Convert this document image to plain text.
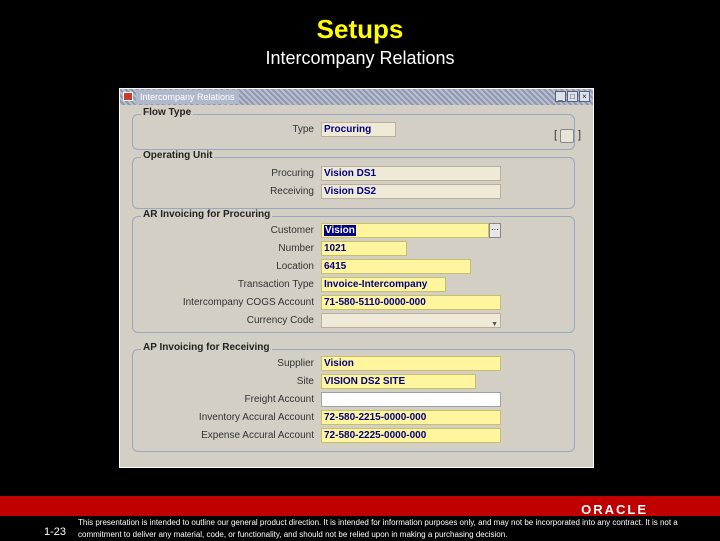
Setups
Intercompany Relations
Intercompany Relations	_ □ ×
Flow Type
Type	Procuring	[ ]
Operating Unit
Procuring	Vision DS1
Receiving	Vision DS2
AR Invoicing for Procuring
Customer	Vision	···
Number	1021
Location	6415
Transaction Type	Invoice-Intercompany
Intercompany COGS Account	71-580-5110-0000-000
Currency Code	▼
AP Invoicing for Receiving
Supplier	Vision
Site	VISION DS2 SITE
Freight Account
Inventory Accural Account	72-580-2215-0000-000
Expense Accural Account	72-580-2225-0000-000
ORACLE
1-23
This presentation is intended to outline our general product direction. It is intended for information purposes only, and may not be incorporated into any contract. It is not a commitment to deliver any material, code, or functionality, and should not be relied upon in making a purchasing decision.
